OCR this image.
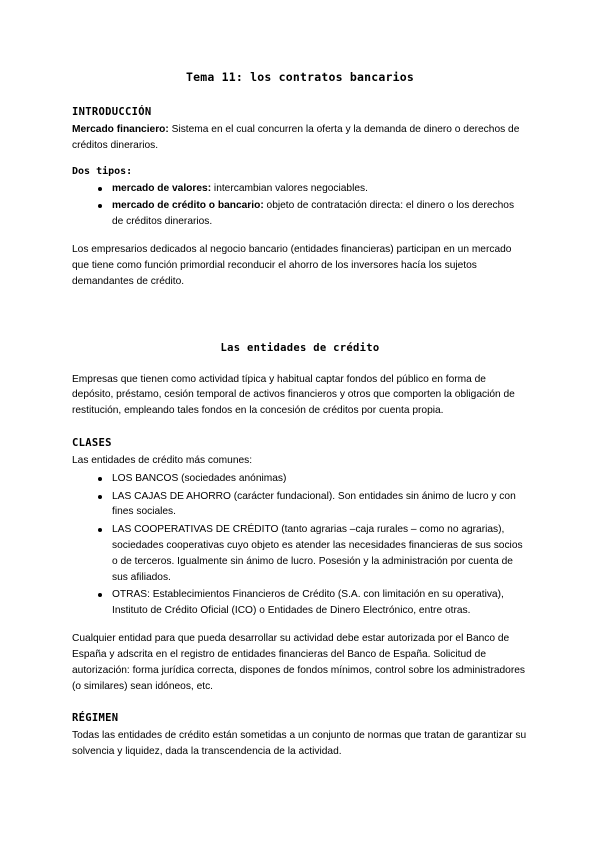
Tema 11: los contratos bancarios
INTRODUCCIÓN

Mercado financiero: Sistema en el cual concurren la oferta y la demanda de dinero o derechos de créditos dinerarios.

Dos tipos:

mercado de valores: intercambian valores negociables.
mercado de crédito o bancario: objeto de contratación directa: el dinero o los derechos de créditos dinerarios.

Los empresarios dedicados al negocio bancario (entidades financieras) participan en un mercado que tiene como función primordial reconducir el ahorro de los inversores hacía los sujetos demandantes de crédito.

Las entidades de crédito

Empresas que tienen como actividad típica y habitual captar fondos del público en forma de depósito, préstamo, cesión temporal de activos financieros y otros que comporten la obligación de restitución, empleando tales fondos en la concesión de créditos por cuenta propia.

CLASES

Las entidades de crédito más comunes:

LOS BANCOS (sociedades anónimas)
LAS CAJAS DE AHORRO (carácter fundacional). Son entidades sin ánimo de lucro y con fines sociales.
LAS COOPERATIVAS DE CRÉDITO (tanto agrarias –caja rurales – como no agrarias), sociedades cooperativas cuyo objeto es atender las necesidades financieras de sus socios o de terceros. Igualmente sin ánimo de lucro. Posesión y la administración por cuenta de sus afiliados.
OTRAS: Establecimientos Financieros de Crédito (S.A. con limitación en su operativa), Instituto de Crédito Oficial (ICO) o Entidades de Dinero Electrónico, entre otras.

Cualquier entidad para que pueda desarrollar su actividad debe estar autorizada por el Banco de España y adscrita en el registro de entidades financieras del Banco de España. Solicitud de autorización: forma jurídica correcta, dispones de fondos mínimos, control sobre los administradores (o similares) sean idóneos, etc.

RÉGIMEN

Todas las entidades de crédito están sometidas a un conjunto de normas que tratan de garantizar su solvencia y liquidez, dada la transcendencia de la actividad.
